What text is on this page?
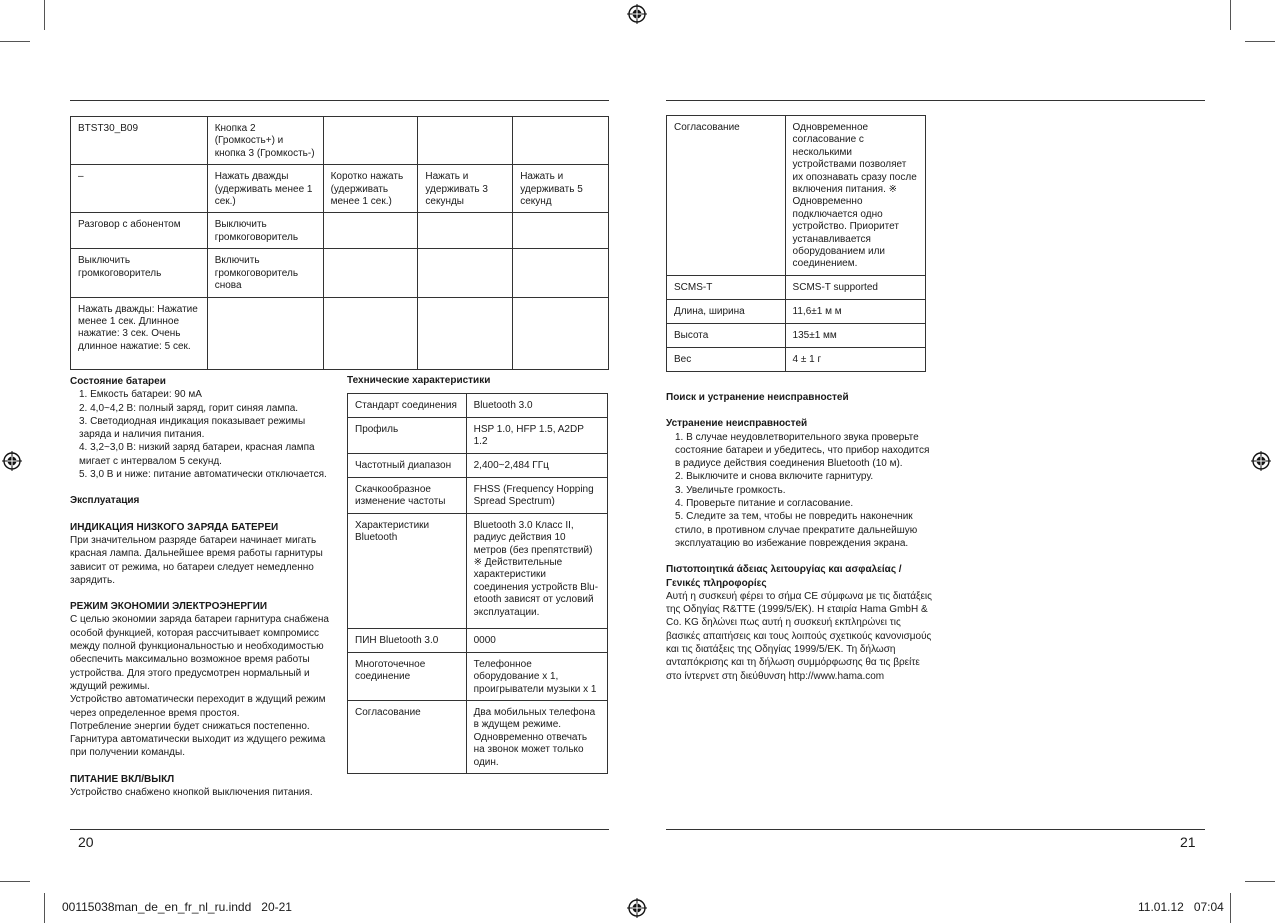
BTST30_B09	Кнопка 2 (Громкость+) и кнопка 3 (Громкость-)			
–	Нажать дважды (удерживать менее 1 сек.)	Коротко нажать (удерживать менее 1 сек.)	Нажать и удерживать 3 секунды	Нажать и удерживать 5 секунд
Разговор с абонентом	Выключить громкоговоритель			
Выключить громкоговоритель	Включить громкоговоритель снова			
Нажать дважды: Нажатие менее 1 сек. Длинное нажатие: 3 сек. Очень длинное нажатие: 5 сек.				
Состояние батареи
1. Емкость батареи: 90 мА
2. 4,0~4,2 В: полный заряд, горит синяя лампа.
3. Светодиодная индикация показывает режимы заряда и наличия питания.
4. 3,2~3,0 В: низкий заряд батареи, красная лампа мигает с интервалом 5 секунд.
5. 3,0 В и ниже: питание автоматически отключается.
Эксплуатация
ИНДИКАЦИЯ НИЗКОГО ЗАРЯДА БАТЕРЕИ

При значительном разряде батареи начинает мигать красная лампа. Дальнейшее время работы гарнитуры зависит от режима, но батареи следует немедленно зарядить.

РЕЖИМ ЭКОНОМИИ ЭЛЕКТРОЭНЕРГИИ

С целью экономии заряда батареи гарнитура снабжена особой функцией, которая рассчитывает компромисс между полной функциональностью и необходимостью обеспечить максимально возможное время работы устройства. Для этого предусмотрен нормальный и ждущий режимы.

Устройство автоматически переходит в ждущий режим через определенное время простоя.

Потребление энергии будет снижаться постепенно.

Гарнитура автоматически выходит из ждущего режима при получении команды.

ПИТАНИЕ ВКЛ/ВЫКЛ

Устройство снабжено кнопкой выключения питания.

Технические характеристики
Стандарт соединения	Bluetooth 3.0
Профиль	HSP 1.0, HFP 1.5, A2DP 1.2
Частотный диапазон	2,400~2,484 ГГц
Скачкообразное изменение частоты	FHSS (Frequency Hopping Spread Spectrum)
Характеристики Bluetooth	Bluetooth 3.0 Класс II, радиус действия 10 метров (без препятствий) ※ Действительные характеристики соединения устройств Blu-etooth зависят от условий эксплуатации.
ПИН Bluetooth 3.0	0000
Многоточечное соединение	Телефонное оборудование х 1, проигрыватели музыки х 1
Согласование	Два мобильных телефона в ждущем режиме. Одновременно отвечать на звонок может только один.
Согласование	Одновременное согласование с несколькими устройствами позволяет их опознавать сразу после включения питания. ※ Одновременно подключается одно устройство. Приоритет устанавливается оборудованием или соединением.
SCMS-T	SCMS-T supported
Длина, ширина	11,6±1 м м
Высота	135±1 мм
Вес	4 ± 1 г
Поиск и устранение неисправностей
Устранение неисправностей
1. В случае неудовлетворительного звука проверьте состояние батареи и убедитесь, что прибор находится в радиусе действия соединения Bluetooth (10 м).
2. Выключите и снова включите гарнитуру.
3. Увеличьте громкость.
4. Проверьте питание и согласование.
5. Следите за тем, чтобы не повредить наконечник стило, в противном случае прекратите дальнейшую эксплуатацию во избежание повреждения экрана.
Πιστοποιητικά άδειας λειτουργίας και ασφαλείας / Γενικές πληροφορίες

Αυτή η συσκευή φέρει το σήμα CE σύμφωνα με τις διατάξεις της Οδηγίας R&TTE (1999/5/EK). Η εταιρία Hama GmbH & Co. KG δηλώνει πως αυτή η συσκευή εκπληρώνει τις βασικές απαιτήσεις και τους λοιπούς σχετικούς κανονισμούς και τις διατάξεις της Οδηγίας 1999/5/EK. Τη δήλωση ανταπόκρισης και τη δήλωση συμμόρφωσης θα τις βρείτε στο ίντερνετ στη διεύθυνση http://www.hama.com

20	21
00115038man_de_en_fr_nl_ru.indd   20-21	11.01.12   07:04
